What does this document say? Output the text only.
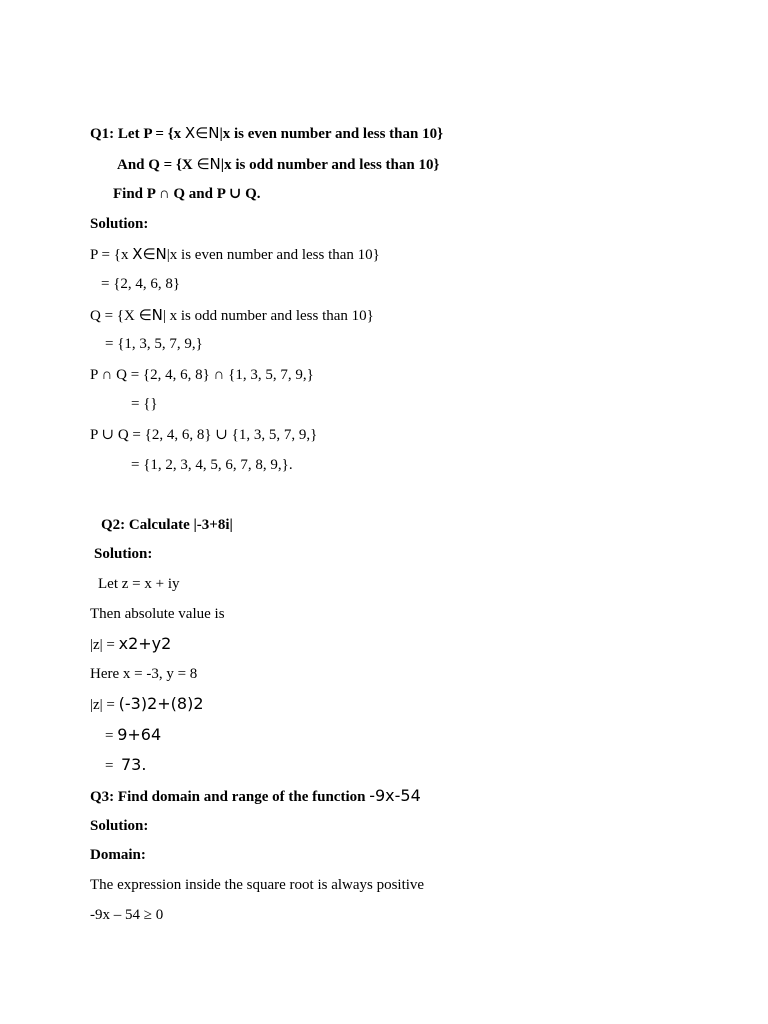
Q1: Let P = {x X∈N|x is even number and less than 10}
And Q = {X ∈N|x is odd number and less than 10}
Find P ∩ Q and P ∪ Q.
Solution:
P = {x X∈N|x is even number and less than 10}
= {2, 4, 6, 8}
Q = {X ∈N| x is odd number and less than 10}
= {1, 3, 5, 7, 9,}
P ∩ Q = {2, 4, 6, 8} ∩ {1, 3, 5, 7, 9,}
= {}
P ∪ Q = {2, 4, 6, 8} ∪ {1, 3, 5, 7, 9,}
= {1, 2, 3, 4, 5, 6, 7, 8, 9,}.
Q2: Calculate |-3+8i|
Solution:
Let z = x + iy
Then absolute value is
|z| = x2+y2
Here x = -3, y = 8
|z| = (-3)2+(8)2
= 9+64
=  73.
Q3: Find domain and range of the function -9x-54
Solution:
Domain:
The expression inside the square root is always positive
-9x – 54 ≥ 0
